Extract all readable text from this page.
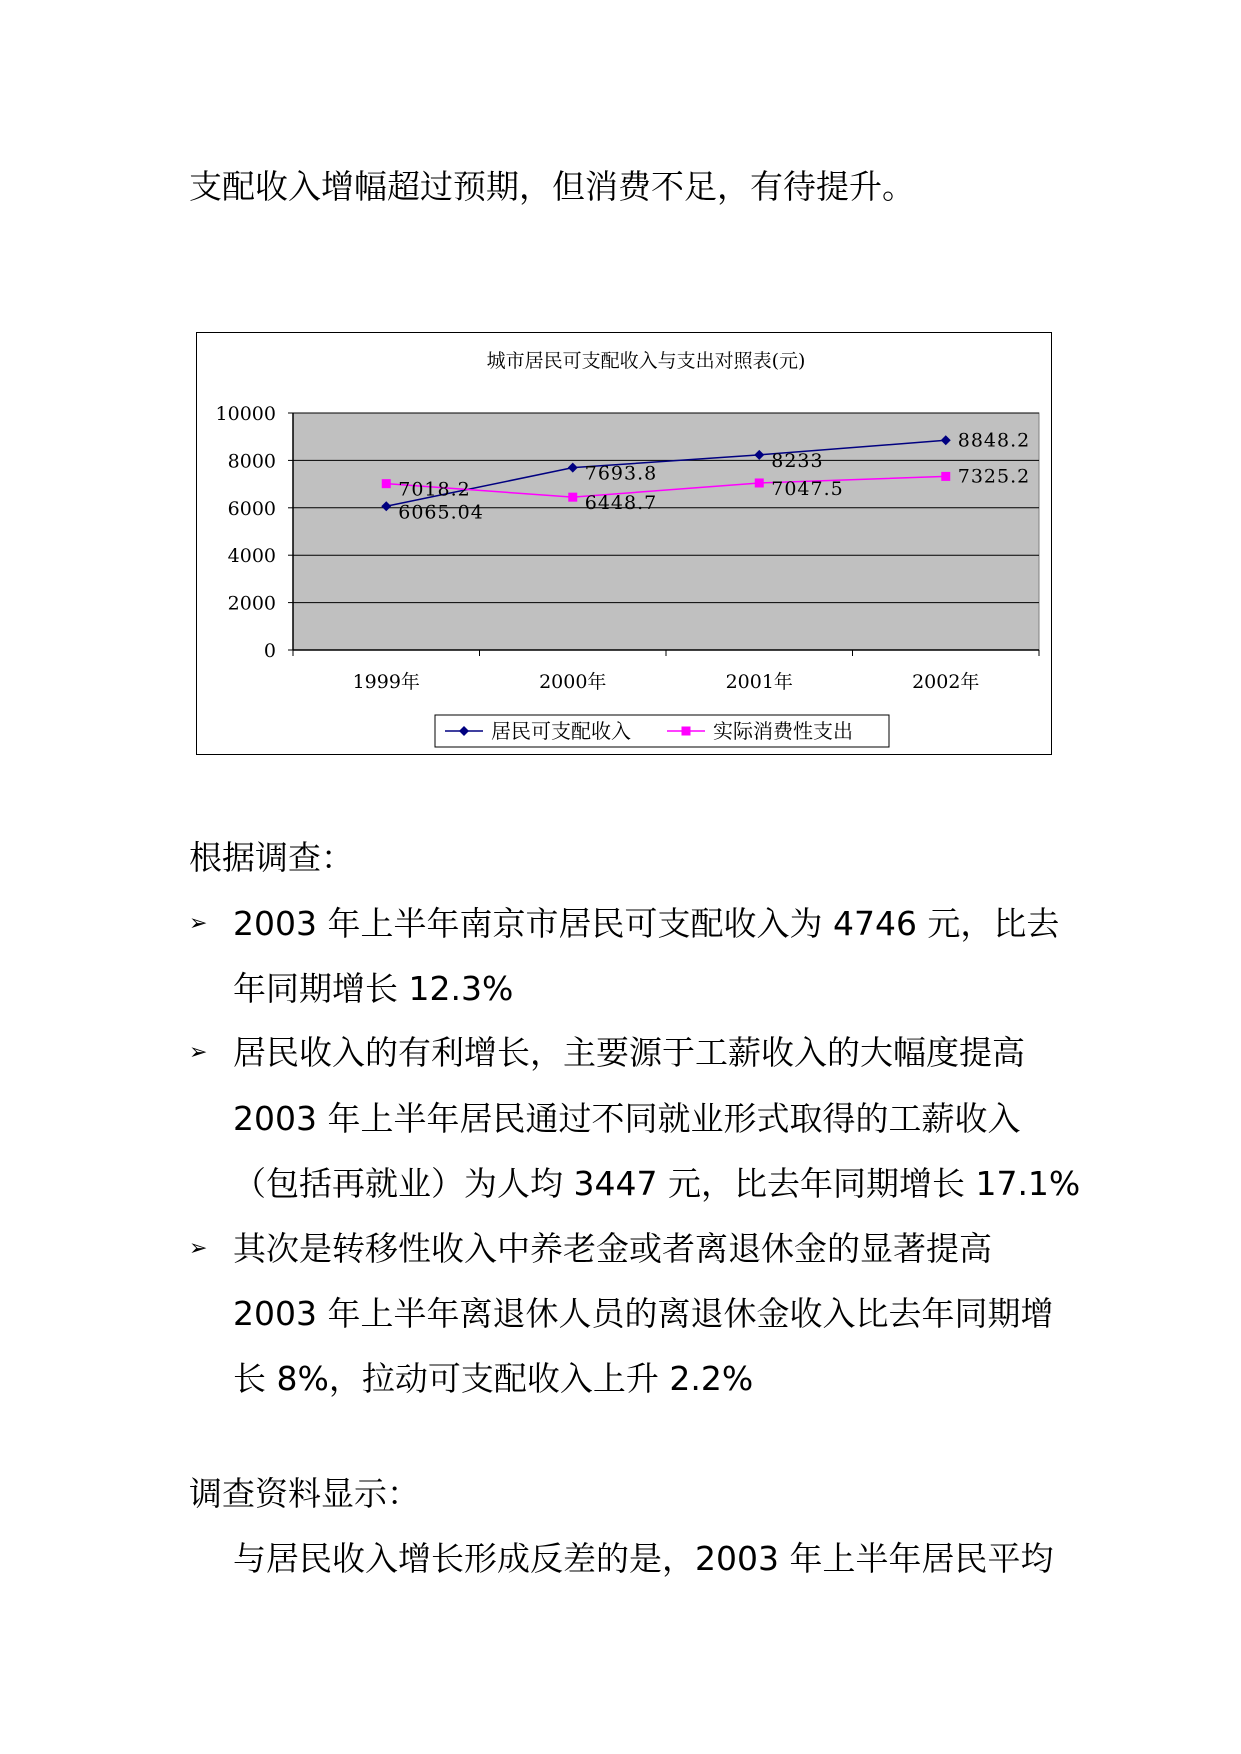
支配收入增幅超过预期，但消费不足，有待提升。
城市居民可支配收入与支出对照表(元)
0
2000
4000
6000
8000
10000
1999年	2000年	2001年	2002年
6065.04
7693.8
8233
8848.2
7018.2
6448.7
7047.5
7325.2
居民可支配收入	实际消费性支出
根据调查：
➢ 2003 年上半年南京市居民可支配收入为 4746 元，比去
年同期增长 12.3%
➢ 居民收入的有利增长，主要源于工薪收入的大幅度提高
2003 年上半年居民通过不同就业形式取得的工薪收入
（包括再就业）为人均 3447 元，比去年同期增长 17.1%
➢ 其次是转移性收入中养老金或者离退休金的显著提高
2003 年上半年离退休人员的离退休金收入比去年同期增
长 8%，拉动可支配收入上升 2.2%
调查资料显示：
与居民收入增长形成反差的是，2003 年上半年居民平均
